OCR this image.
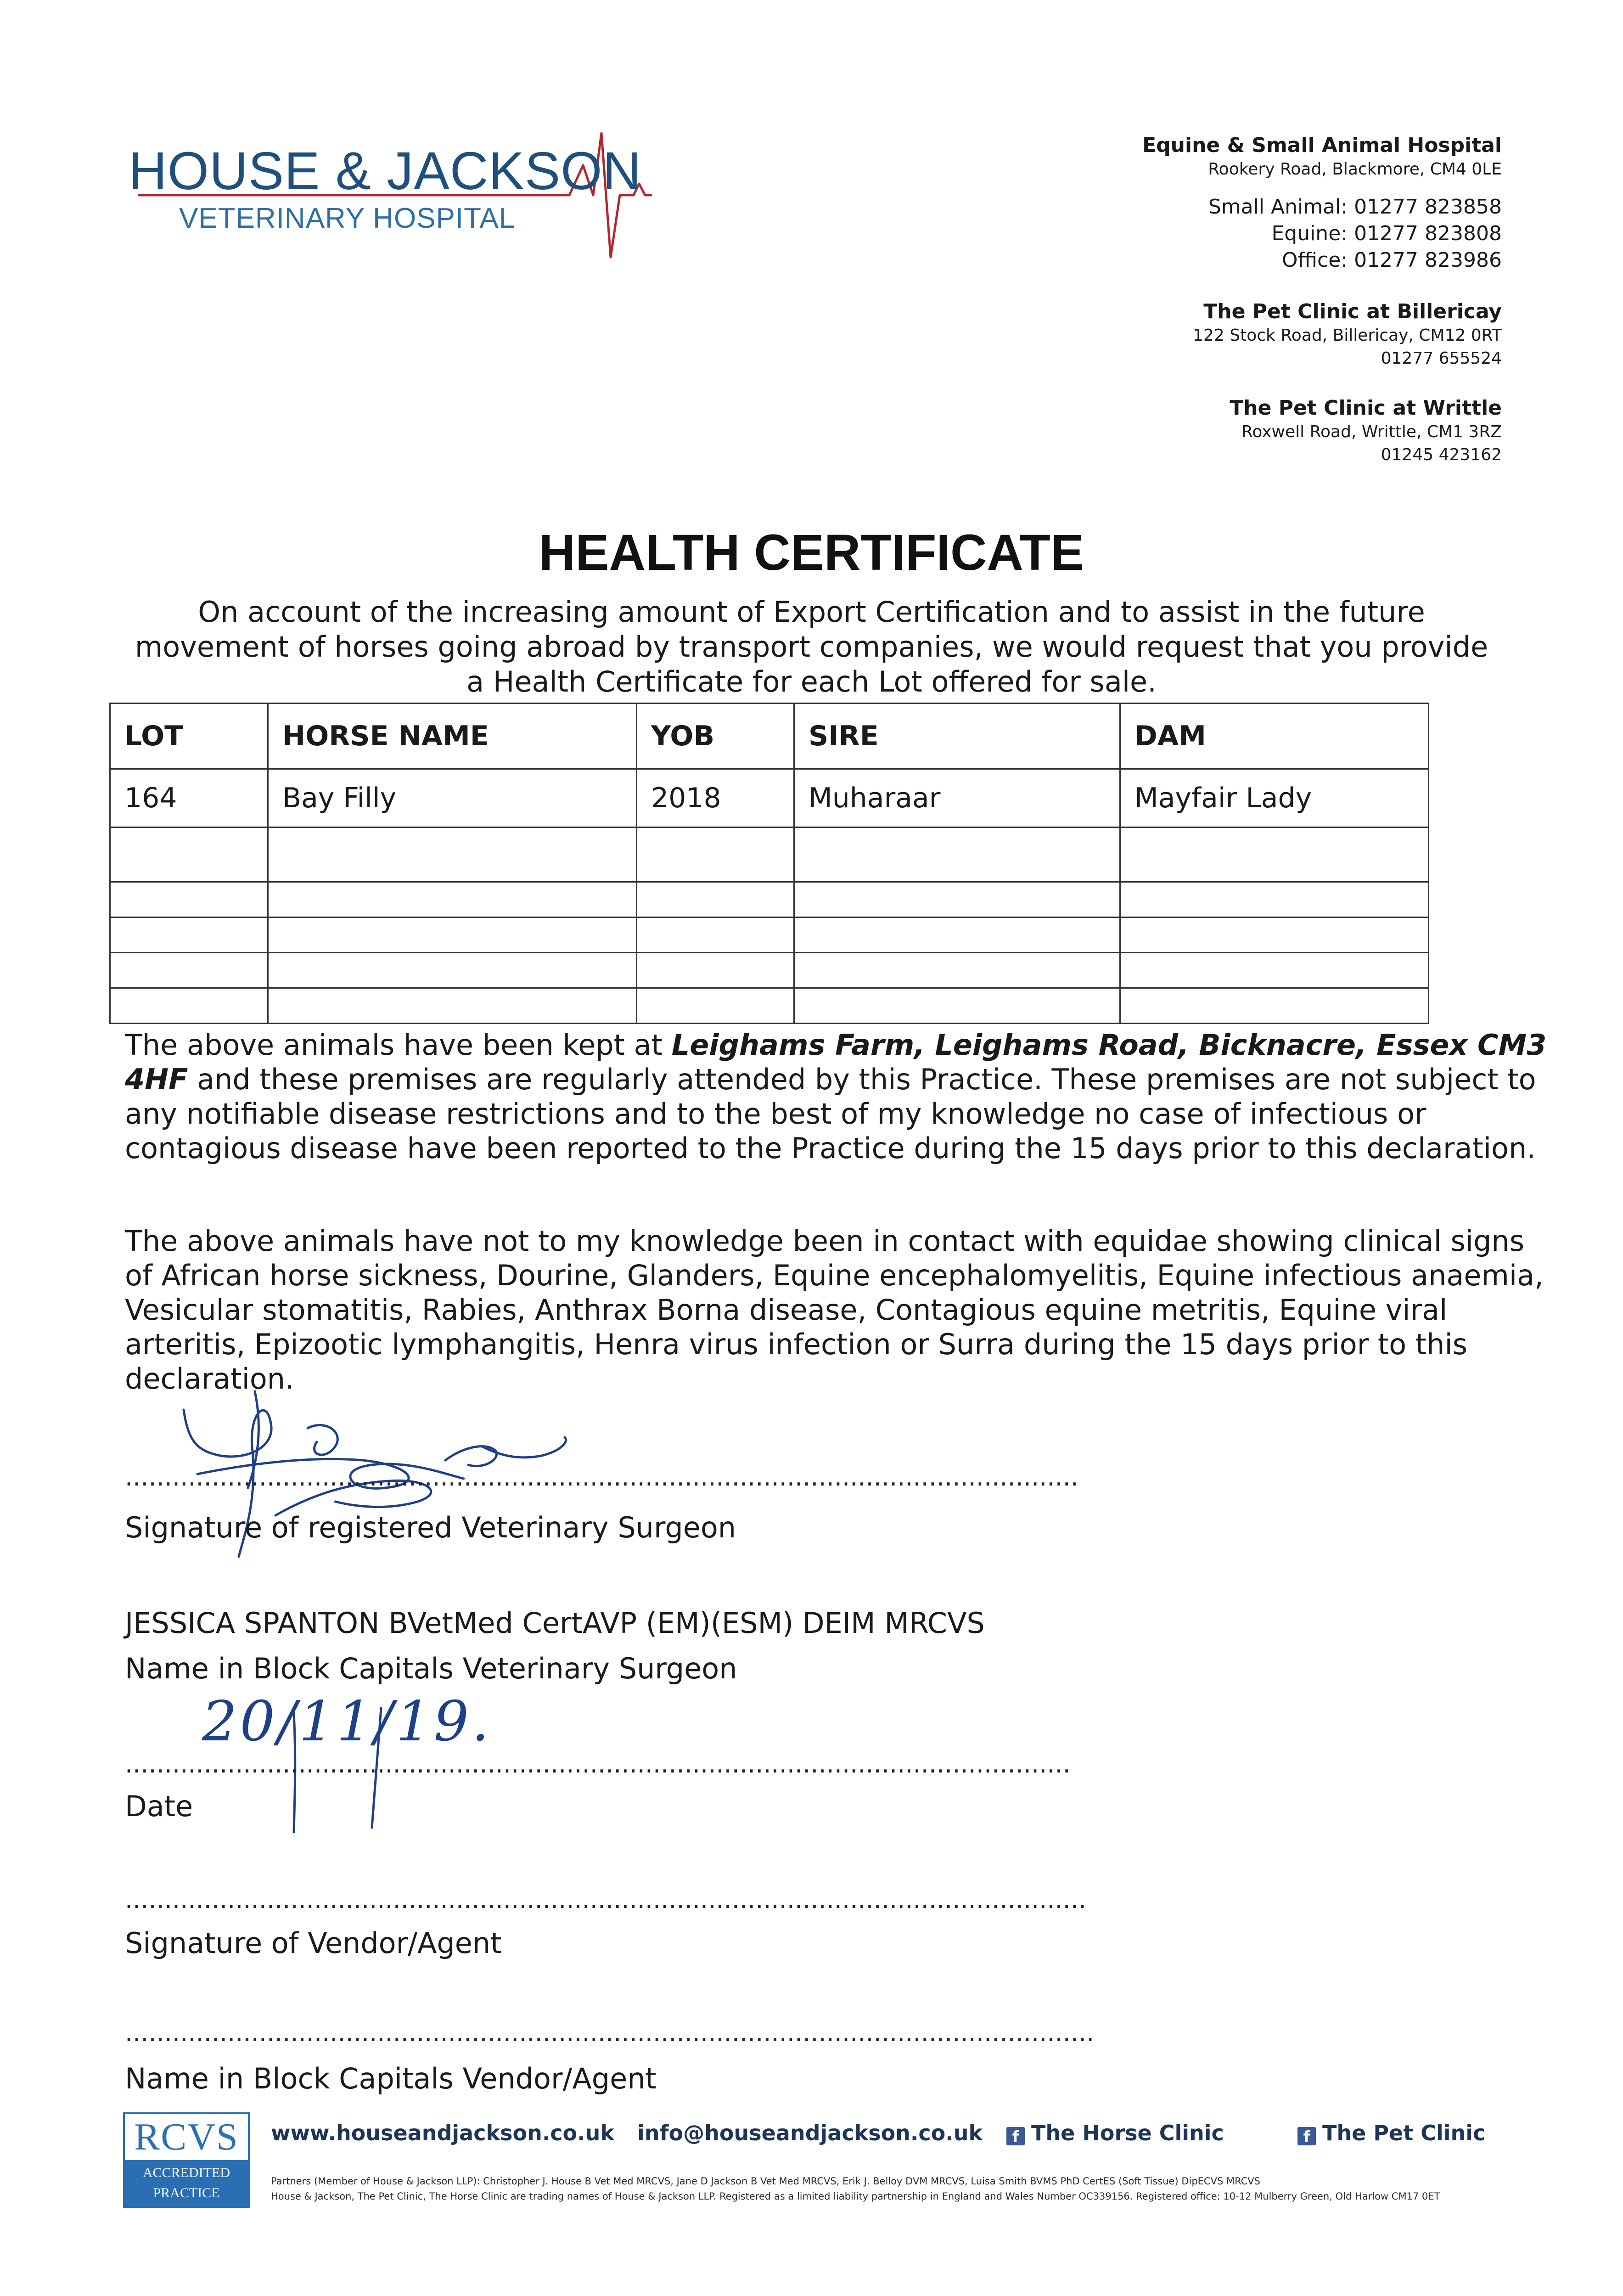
HOUSE & JACKSON
VETERINARY HOSPITAL
Equine & Small Animal Hospital
Rookery Road, Blackmore, CM4 0LE
Small Animal: 01277 823858
Equine: 01277 823808
Office: 01277 823986
The Pet Clinic at Billericay
122 Stock Road, Billericay, CM12 0RT
01277 655524
The Pet Clinic at Writtle
Roxwell Road, Writtle, CM1 3RZ
01245 423162
HEALTH CERTIFICATE
On account of the increasing amount of Export Certification and to assist in the future movement of horses going abroad by transport companies, we would request that you provide a Health Certificate for each Lot offered for sale.
LOT	HORSE NAME	YOB	SIRE	DAM
164	Bay Filly	2018	Muharaar	Mayfair Lady

The above animals have been kept at Leighams Farm, Leighams Road, Bicknacre, Essex CM3 4HF and these premises are regularly attended by this Practice. These premises are not subject to any notifiable disease restrictions and to the best of my knowledge no case of infectious or contagious disease have been reported to the Practice during the 15 days prior to this declaration.
The above animals have not to my knowledge been in contact with equidae showing clinical signs of African horse sickness, Dourine, Glanders, Equine encephalomyelitis, Equine infectious anaemia, Vesicular stomatitis, Rabies, Anthrax Borna disease, Contagious equine metritis, Equine viral arteritis, Epizootic lymphangitis, Henra virus infection or Surra during the 15 days prior to this declaration.
.........................................................................................................................
Signature of registered Veterinary Surgeon
JESSICA SPANTON BVetMed CertAVP (EM)(ESM) DEIM MRCVS
Name in Block Capitals Veterinary Surgeon
20/11/19.
........................................................................................................................
Date
..........................................................................................................................
Signature of Vendor/Agent
...........................................................................................................................
Name in Block Capitals Vendor/Agent
RCVS
ACCREDITED PRACTICE
www.houseandjackson.co.uk info@houseandjackson.co.uk	f The Horse Clinic	f The Pet Clinic
Partners (Member of House & Jackson LLP): Christopher J. House B Vet Med MRCVS, Jane D Jackson B Vet Med MRCVS, Erik J. Belloy DVM MRCVS, Luisa Smith BVMS PhD CertES (Soft Tissue) DipECVS MRCVS
House & Jackson, The Pet Clinic, The Horse Clinic are trading names of House & Jackson LLP. Registered as a limited liability partnership in England and Wales Number OC339156. Registered office: 10-12 Mulberry Green, Old Harlow CM17 0ET
